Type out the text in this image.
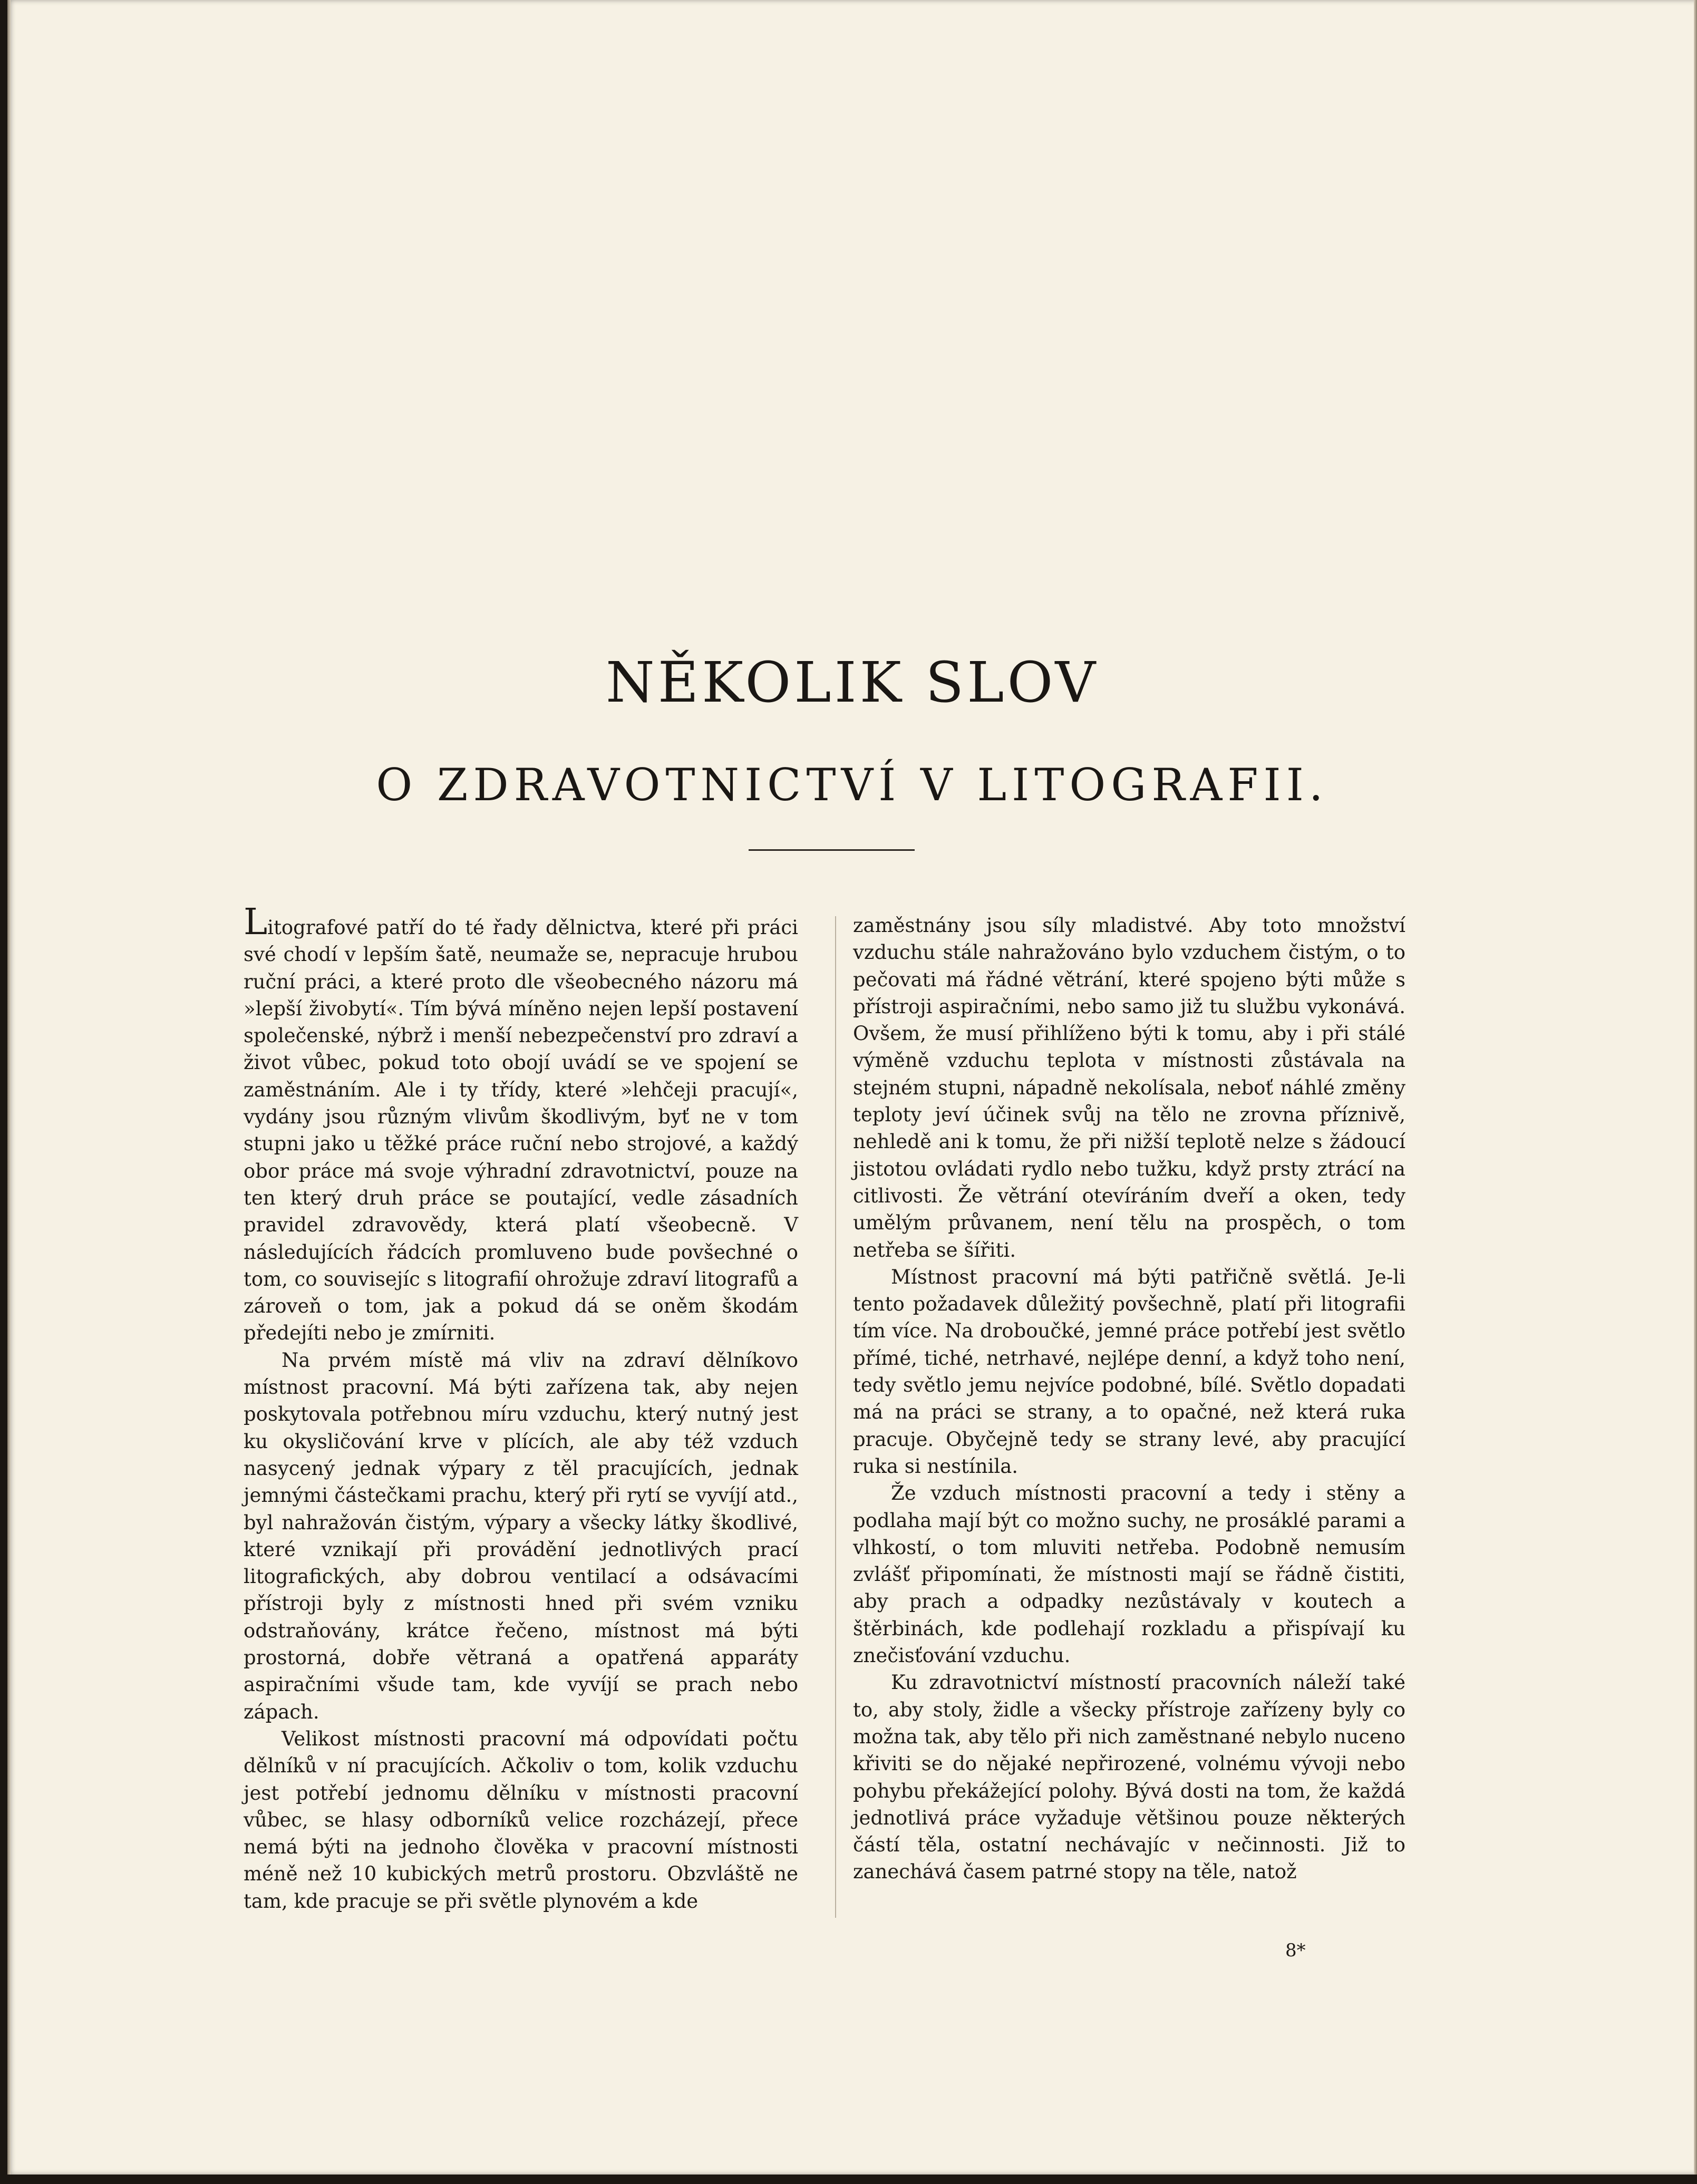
NĚKOLIK SLOV
O ZDRAVOTNICTVÍ V LITOGRAFII.

Litografové patří do té řady dělnictva, které při práci své chodí v lepším šatě, neumaže se, nepracuje hrubou ruční práci, a které proto dle všeobecného názoru má »lepší živobytí«. Tím bývá míněno nejen lepší postavení společenské, nýbrž i menší nebezpečenství pro zdraví a život vůbec, pokud toto obojí uvádí se ve spojení se zaměstnáním. Ale i ty třídy, které »lehčeji pracují«, vydány jsou různým vlivům škodlivým, byť ne v tom stupni jako u těžké práce ruční nebo strojové, a každý obor práce má svoje výhradní zdravotnictví, pouze na ten který druh práce se poutající, vedle zásadních pravidel zdravovědy, která platí všeobecně. V následujících řádcích promluveno bude povšechné o tom, co souvisejíc s litografií ohrožuje zdraví litografů a zároveň o tom, jak a pokud dá se oněm škodám předejíti nebo je zmírniti.

Na prvém místě má vliv na zdraví dělníkovo místnost pracovní. Má býti zařízena tak, aby nejen poskytovala potřebnou míru vzduchu, který nutný jest ku okysličování krve v plících, ale aby též vzduch nasycený jednak výpary z těl pracujících, jednak jemnými částečkami prachu, který při rytí se vyvíjí atd., byl nahražován čistým, výpary a všecky látky škodlivé, které vznikají při provádění jednotlivých prací litografických, aby dobrou ventilací a odsávacími přístroji byly z místnosti hned při svém vzniku odstraňovány, krátce řečeno, místnost má býti prostorná, dobře větraná a opatřená apparáty aspiračními všude tam, kde vyvíjí se prach nebo zápach.

Velikost místnosti pracovní má odpovídati počtu dělníků v ní pracujících. Ačkoliv o tom, kolik vzduchu jest potřebí jednomu dělníku v místnosti pracovní vůbec, se hlasy odborníků velice rozcházejí, přece nemá býti na jednoho člověka v pracovní místnosti méně než 10 kubických metrů prostoru. Obzvláště ne tam, kde pracuje se při světle plynovém a kde

zaměstnány jsou síly mladistvé. Aby toto množství vzduchu stále nahražováno bylo vzduchem čistým, o to pečovati má řádné větrání, které spojeno býti může s přístroji aspiračními, nebo samo již tu službu vykonává. Ovšem, že musí přihlíženo býti k tomu, aby i při stálé výměně vzduchu teplota v místnosti zůstávala na stejném stupni, nápadně nekolísala, neboť náhlé změny teploty jeví účinek svůj na tělo ne zrovna příznivě, nehledě ani k tomu, že při nižší teplotě nelze s žádoucí jistotou ovládati rydlo nebo tužku, když prsty ztrácí na citlivosti. Že větrání otevíráním dveří a oken, tedy umělým průvanem, není tělu na prospěch, o tom netřeba se šířiti.

Místnost pracovní má býti patřičně světlá. Je-li tento požadavek důležitý povšechně, platí při litografii tím více. Na droboučké, jemné práce potřebí jest světlo přímé, tiché, netrhavé, nejlépe denní, a když toho není, tedy světlo jemu nejvíce podobné, bílé. Světlo dopadati má na práci se strany, a to opačné, než která ruka pracuje. Obyčejně tedy se strany levé, aby pracující ruka si nestínila.

Že vzduch místnosti pracovní a tedy i stěny a podlaha mají být co možno suchy, ne prosáklé parami a vlhkostí, o tom mluviti netřeba. Podobně nemusím zvlášť připomínati, že místnosti mají se řádně čistiti, aby prach a odpadky nezůstávaly v koutech a štěrbinách, kde podlehají rozkladu a přispívají ku znečisťování vzduchu.

Ku zdravotnictví místností pracovních náleží také to, aby stoly, židle a všecky přístroje zařízeny byly co možna tak, aby tělo při nich zaměstnané nebylo nuceno křiviti se do nějaké nepřirozené, volnému vývoji nebo pohybu překážející polohy. Bývá dosti na tom, že každá jednotlivá práce vyžaduje většinou pouze některých částí těla, ostatní nechávajíc v nečinnosti. Již to zanechává časem patrné stopy na těle, natož

8*
